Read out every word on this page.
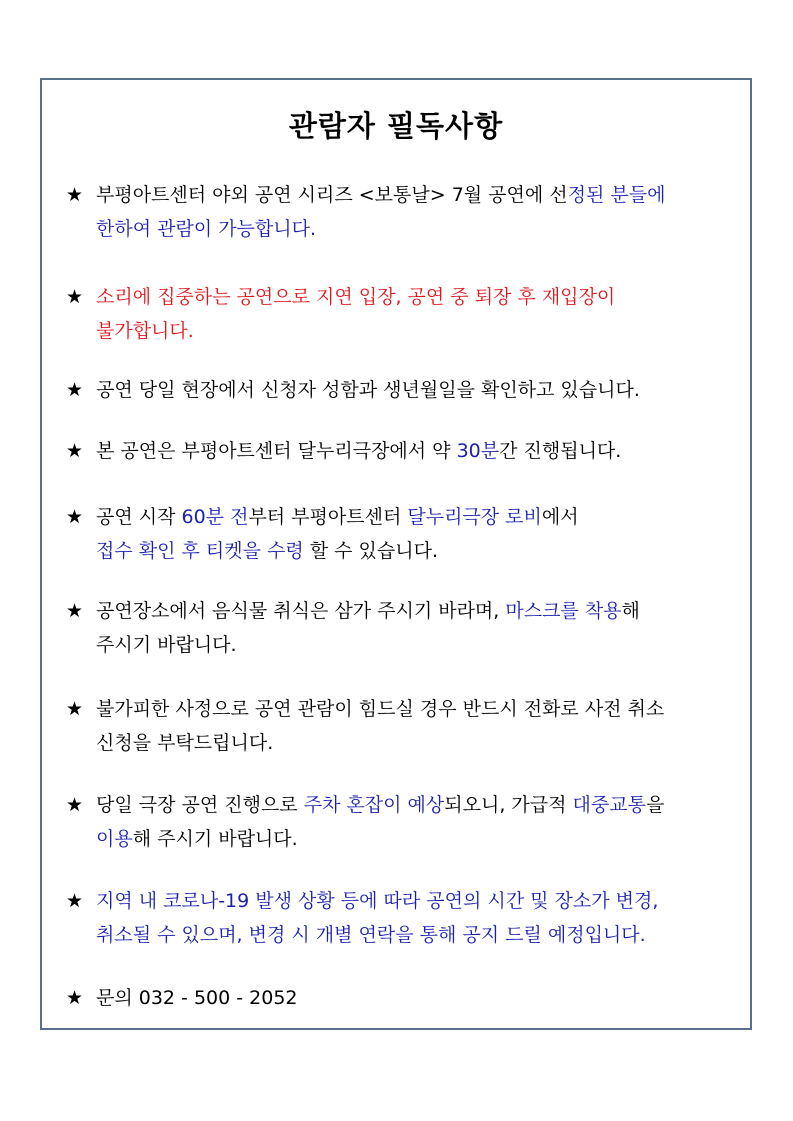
관람자 필독사항
★ 부평아트센터 야외 공연 시리즈 <보통날> 7월 공연에 선정된 분들에
한하여 관람이 가능합니다.
★ 소리에 집중하는 공연으로 지연 입장, 공연 중 퇴장 후 재입장이
불가합니다.
★ 공연 당일 현장에서 신청자 성함과 생년월일을 확인하고 있습니다.
★ 본 공연은 부평아트센터 달누리극장에서 약 30분간 진행됩니다.
★ 공연 시작 60분 전부터 부평아트센터 달누리극장 로비에서
접수 확인 후 티켓을 수령 할 수 있습니다.
★ 공연장소에서 음식물 취식은 삼가 주시기 바라며, 마스크를 착용해
주시기 바랍니다.
★ 불가피한 사정으로 공연 관람이 힘드실 경우 반드시 전화로 사전 취소
신청을 부탁드립니다.
★ 당일 극장 공연 진행으로 주차 혼잡이 예상되오니, 가급적 대중교통을
이용해 주시기 바랍니다.
★ 지역 내 코로나-19 발생 상황 등에 따라 공연의 시간 및 장소가 변경,
취소될 수 있으며, 변경 시 개별 연락을 통해 공지 드릴 예정입니다.
★ 문의 032 - 500 - 2052
